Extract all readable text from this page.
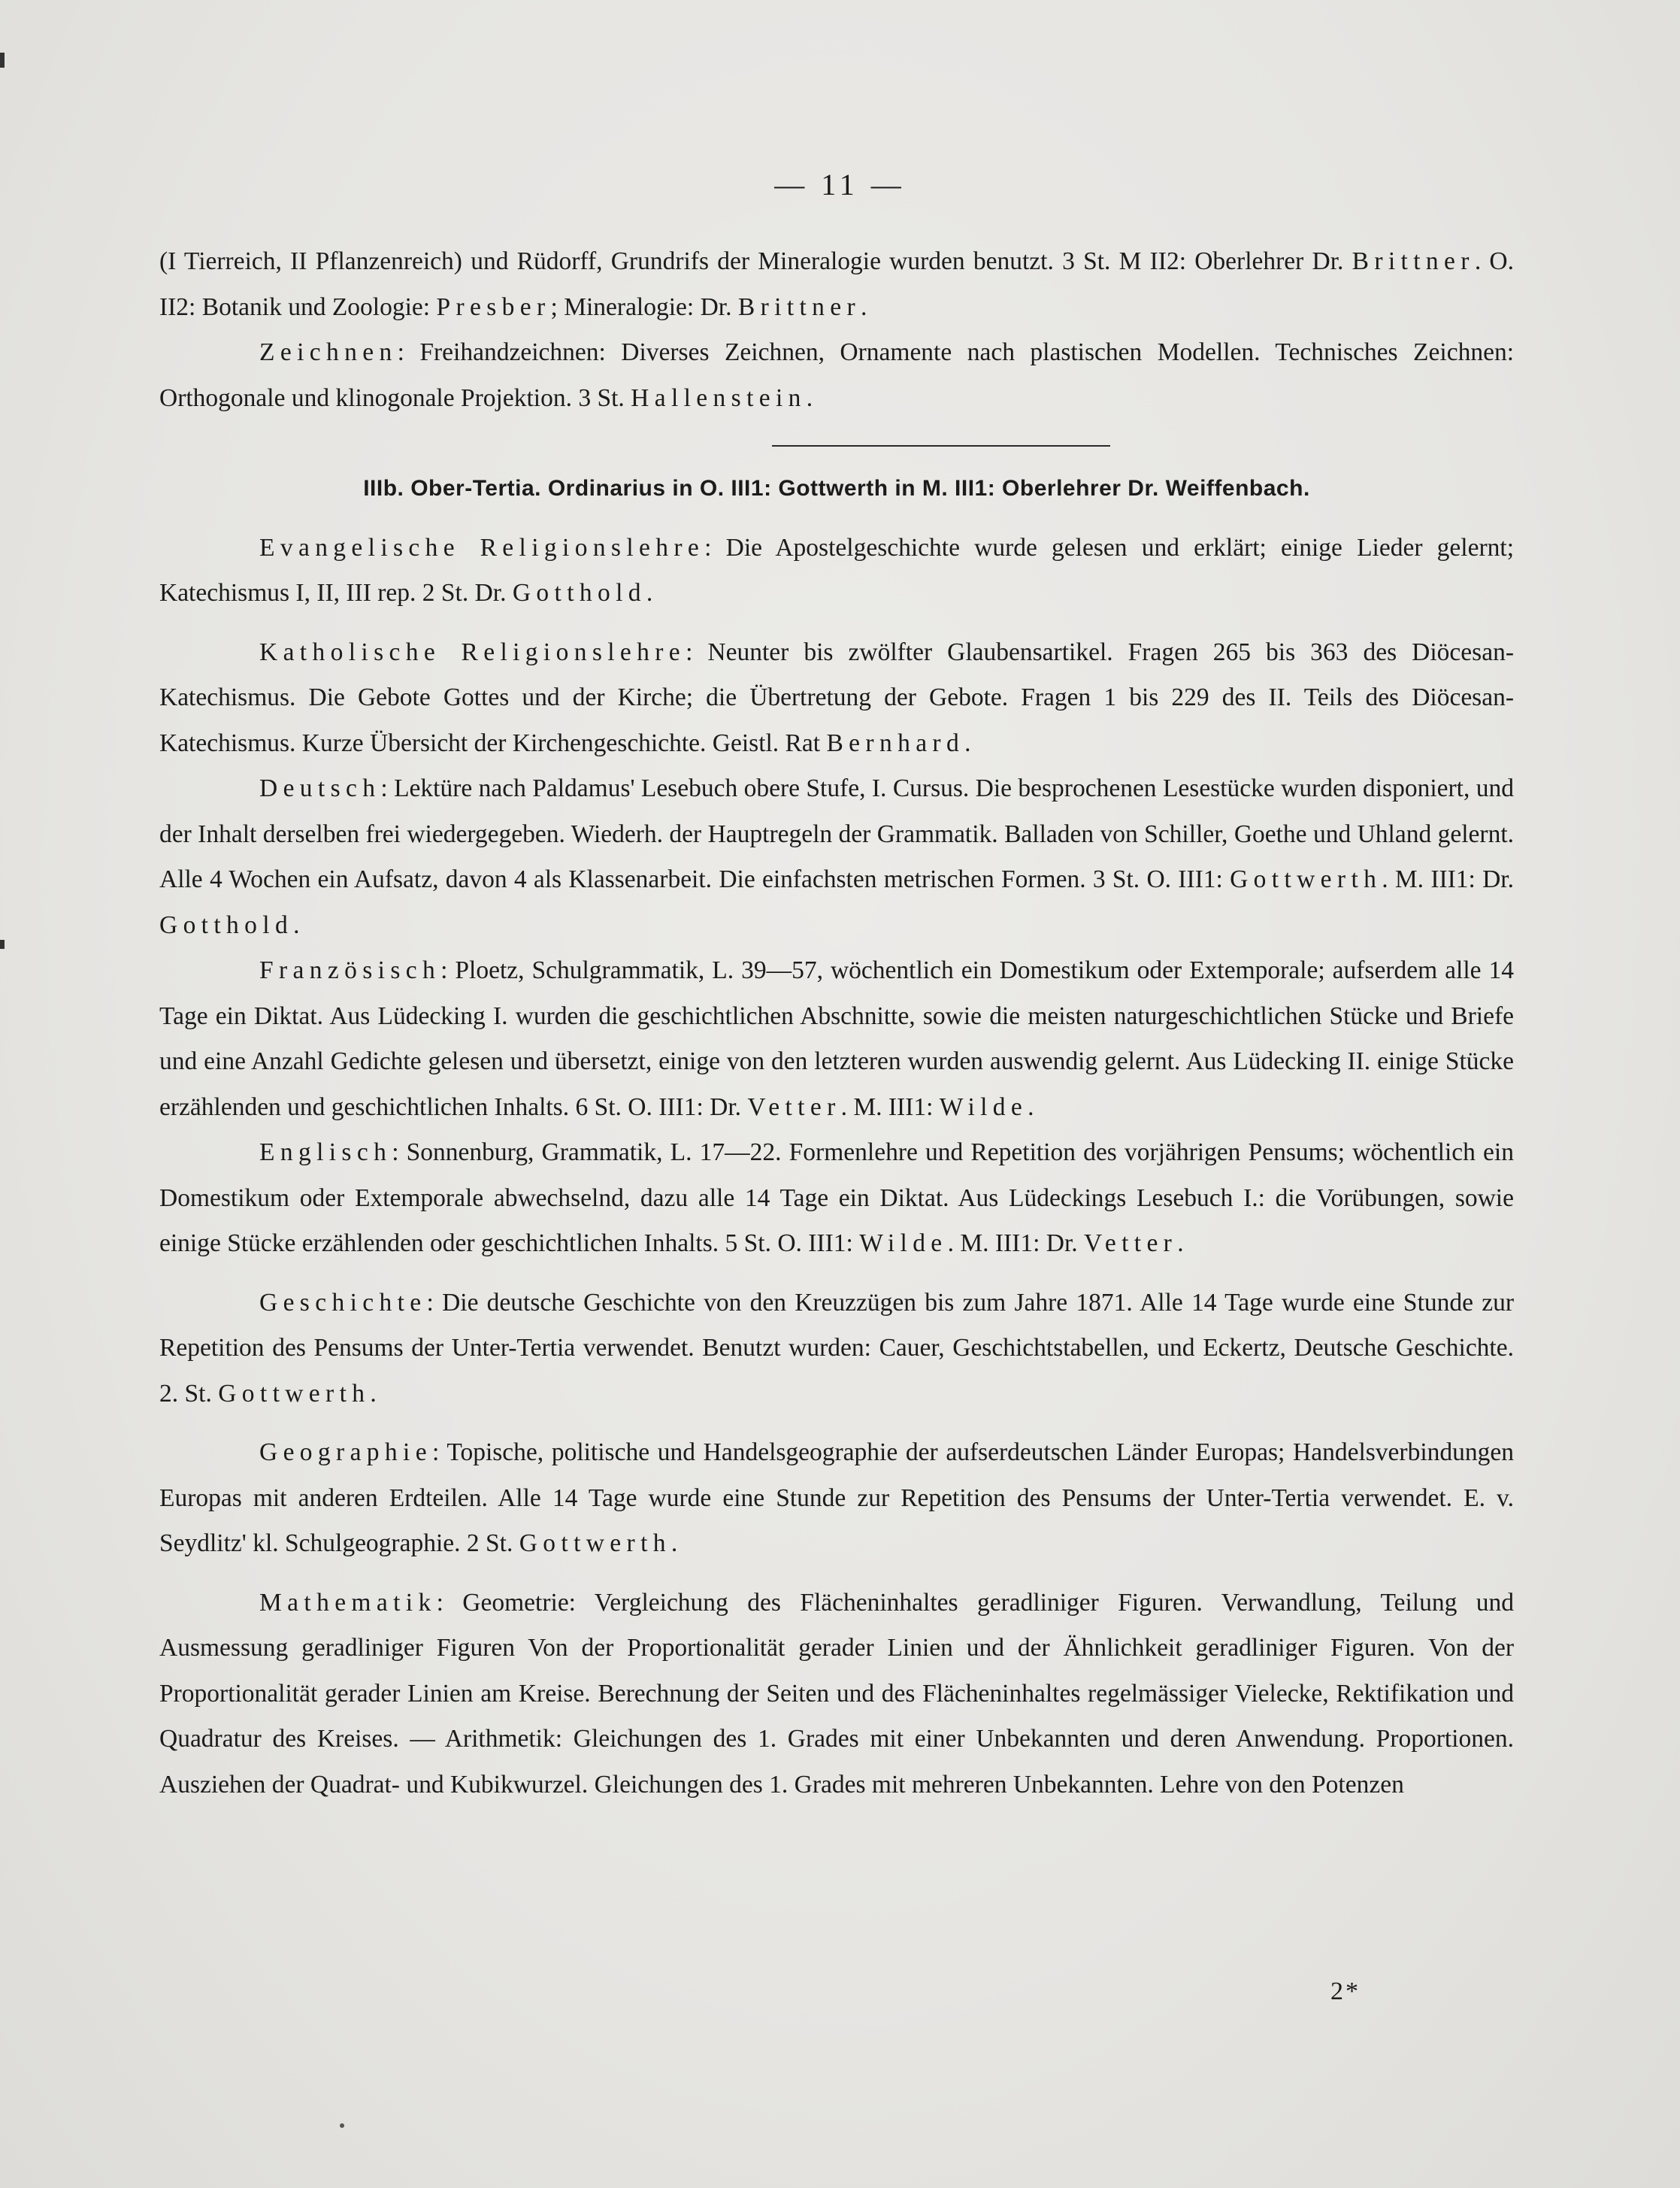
— 11 —

(I Tierreich, II Pflanzenreich) und Rüdorff, Grundrifs der Mineralogie wurden benutzt. 3 St. M II2: Oberlehrer Dr. Brittner. O. II2: Botanik und Zoologie: Presber; Mineralogie: Dr. Brittner.

Zeichnen: Freihandzeichnen: Diverses Zeichnen, Ornamente nach plastischen Modellen. Technisches Zeichnen: Orthogonale und klinogonale Projektion. 3 St. Hallenstein.

IIIb. Ober-Tertia. Ordinarius in O. III1: Gottwerth in M. III1: Oberlehrer Dr. Weiffenbach.

Evangelische Religionslehre: Die Apostelgeschichte wurde gelesen und erklärt; einige Lieder gelernt; Katechismus I, II, III rep. 2 St. Dr. Gotthold.

Katholische Religionslehre: Neunter bis zwölfter Glaubensartikel. Fragen 265 bis 363 des Diöcesan-Katechismus. Die Gebote Gottes und der Kirche; die Übertretung der Gebote. Fragen 1 bis 229 des II. Teils des Diöcesan-Katechismus. Kurze Übersicht der Kirchengeschichte. Geistl. Rat Bernhard.

Deutsch: Lektüre nach Paldamus' Lesebuch obere Stufe, I. Cursus. Die besprochenen Lesestücke wurden disponiert, und der Inhalt derselben frei wiedergegeben. Wiederh. der Hauptregeln der Grammatik. Balladen von Schiller, Goethe und Uhland gelernt. Alle 4 Wochen ein Aufsatz, davon 4 als Klassenarbeit. Die einfachsten metrischen Formen. 3 St. O. III1: Gottwerth. M. III1: Dr. Gotthold.

Französisch: Ploetz, Schulgrammatik, L. 39—57, wöchentlich ein Domestikum oder Extemporale; aufserdem alle 14 Tage ein Diktat. Aus Lüdecking I. wurden die geschichtlichen Abschnitte, sowie die meisten naturgeschichtlichen Stücke und Briefe und eine Anzahl Gedichte gelesen und übersetzt, einige von den letzteren wurden auswendig gelernt. Aus Lüdecking II. einige Stücke erzählenden und geschichtlichen Inhalts. 6 St. O. III1: Dr. Vetter. M. III1: Wilde.

Englisch: Sonnenburg, Grammatik, L. 17—22. Formenlehre und Repetition des vorjährigen Pensums; wöchentlich ein Domestikum oder Extemporale abwechselnd, dazu alle 14 Tage ein Diktat. Aus Lüdeckings Lesebuch I.: die Vorübungen, sowie einige Stücke erzählenden oder geschichtlichen Inhalts. 5 St. O. III1: Wilde. M. III1: Dr. Vetter.

Geschichte: Die deutsche Geschichte von den Kreuzzügen bis zum Jahre 1871. Alle 14 Tage wurde eine Stunde zur Repetition des Pensums der Unter-Tertia verwendet. Benutzt wurden: Cauer, Geschichtstabellen, und Eckertz, Deutsche Geschichte. 2. St. Gottwerth.

Geographie: Topische, politische und Handelsgeographie der aufserdeutschen Länder Europas; Handelsverbindungen Europas mit anderen Erdteilen. Alle 14 Tage wurde eine Stunde zur Repetition des Pensums der Unter-Tertia verwendet. E. v. Seydlitz' kl. Schulgeographie. 2 St. Gottwerth.

Mathematik: Geometrie: Vergleichung des Flächeninhaltes geradliniger Figuren. Verwandlung, Teilung und Ausmessung geradliniger Figuren Von der Proportionalität gerader Linien und der Ähnlichkeit geradliniger Figuren. Von der Proportionalität gerader Linien am Kreise. Berechnung der Seiten und des Flächeninhaltes regelmässiger Vielecke, Rektifikation und Quadratur des Kreises. — Arithmetik: Gleichungen des 1. Grades mit einer Unbekannten und deren Anwendung. Proportionen. Ausziehen der Quadrat- und Kubikwurzel. Gleichungen des 1. Grades mit mehreren Unbekannten. Lehre von den Potenzen

2*
